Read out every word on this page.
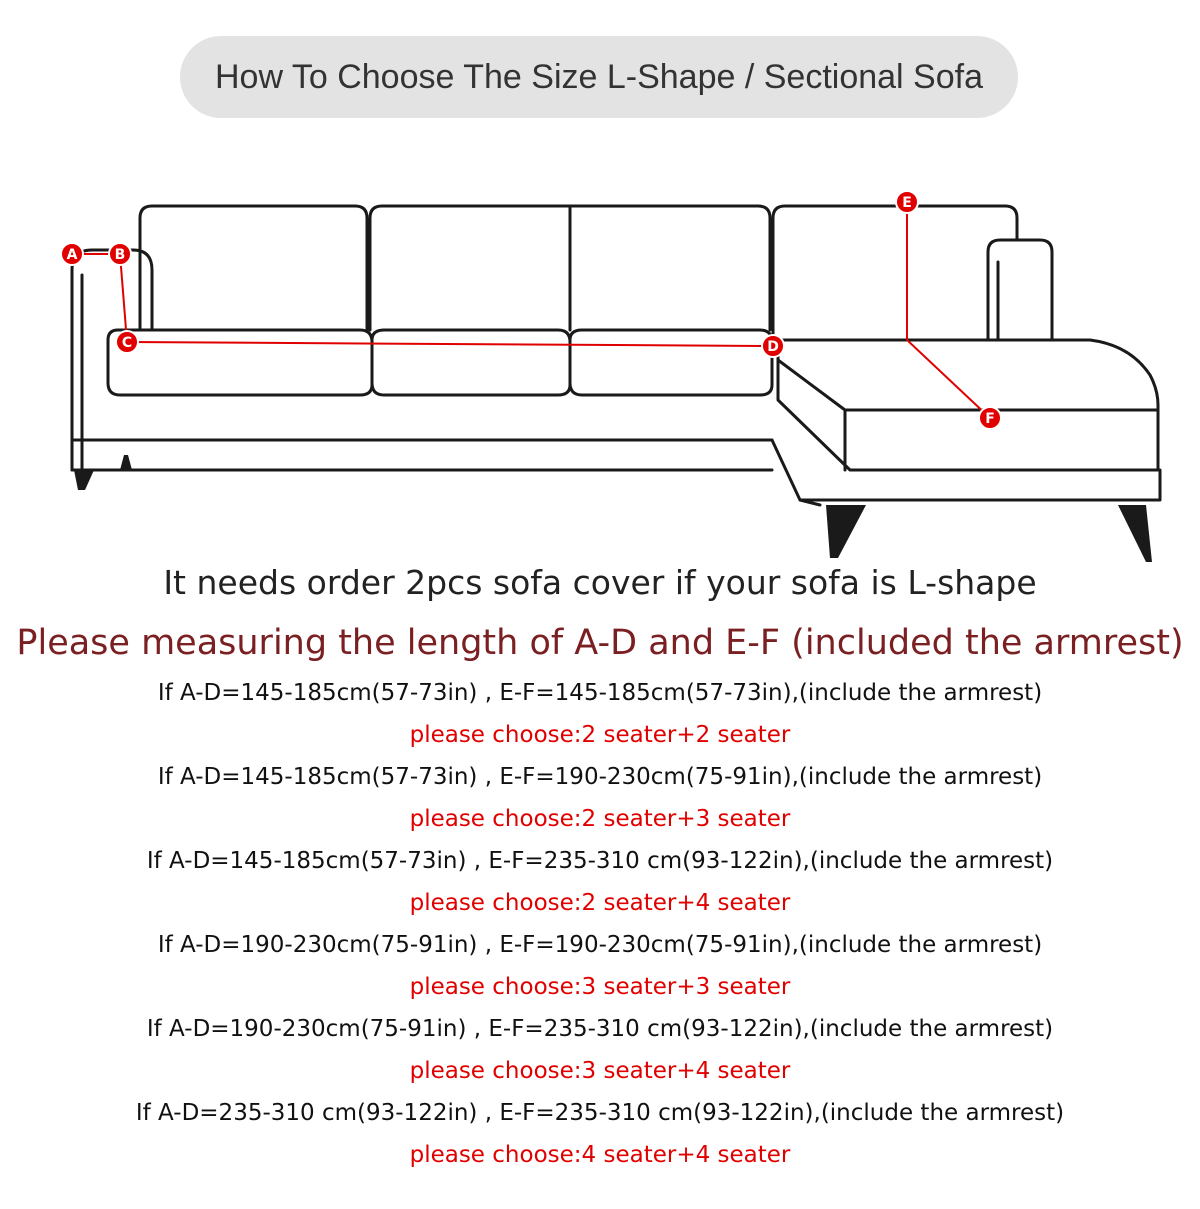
How To Choose The Size L-Shape / Sectional Sofa
A	B
C	D
E
F
It needs order 2pcs sofa cover if your sofa is L-shape
Please measuring the length of A-D and E-F (included the armrest)
If A-D=145-185cm(57-73in) , E-F=145-185cm(57-73in),(include the armrest)
please choose:2 seater+2 seater
If A-D=145-185cm(57-73in) , E-F=190-230cm(75-91in),(include the armrest)
please choose:2 seater+3 seater
If A-D=145-185cm(57-73in) , E-F=235-310 cm(93-122in),(include the armrest)
please choose:2 seater+4 seater
If A-D=190-230cm(75-91in) , E-F=190-230cm(75-91in),(include the armrest)
please choose:3 seater+3 seater
If A-D=190-230cm(75-91in) , E-F=235-310 cm(93-122in),(include the armrest)
please choose:3 seater+4 seater
If A-D=235-310 cm(93-122in) , E-F=235-310 cm(93-122in),(include the armrest)
please choose:4 seater+4 seater
